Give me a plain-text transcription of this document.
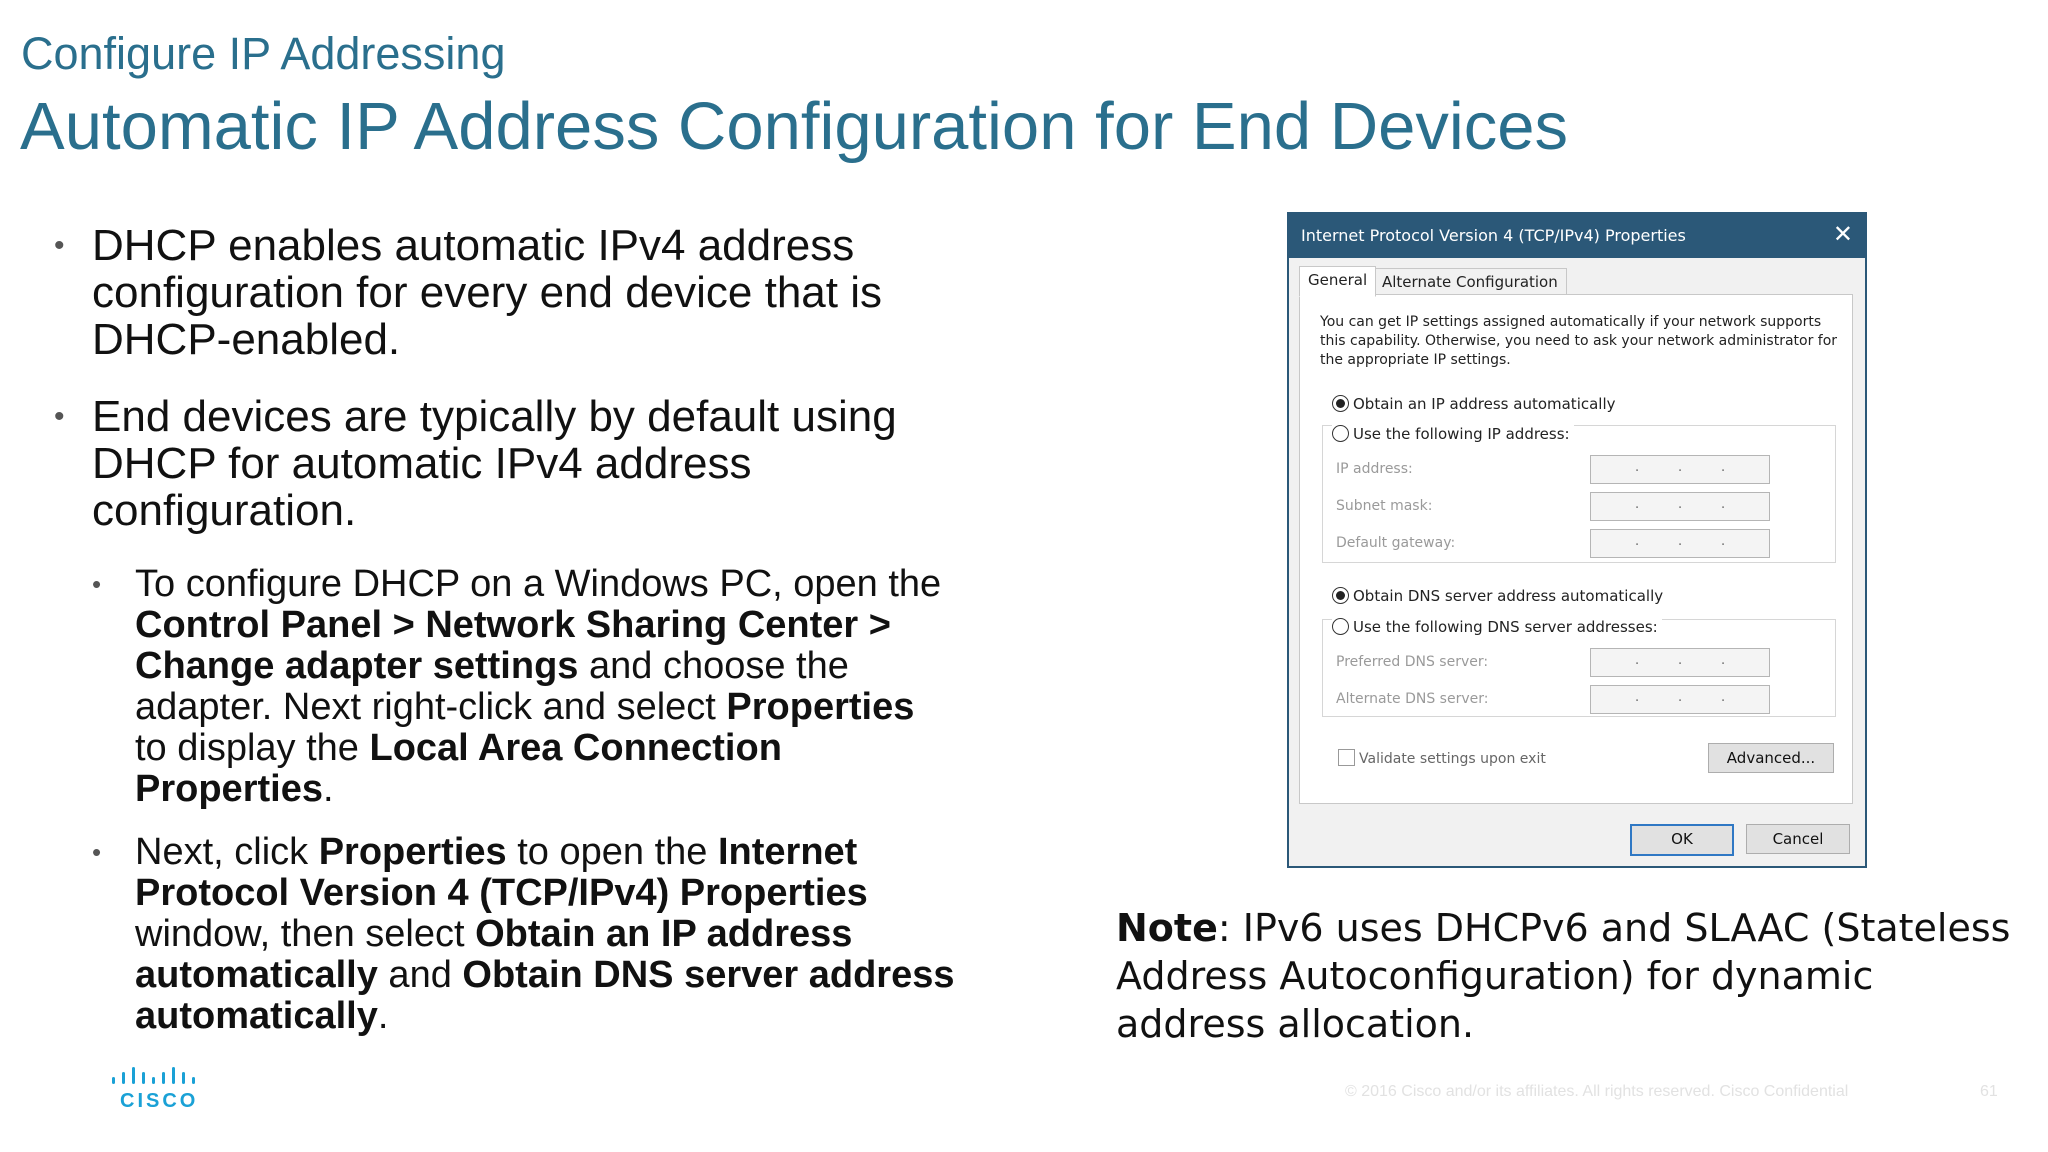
Configure IP Addressing
Automatic IP Address Configuration for End Devices
• DHCP enables automatic IPv4 address configuration for every end device that is DHCP-enabled.
• End devices are typically by default using DHCP for automatic IPv4 address configuration.
• To configure DHCP on a Windows PC, open the Control Panel > Network Sharing Center > Change adapter settings and choose the adapter. Next right-click and select Properties to display the Local Area Connection Properties.
• Next, click Properties to open the Internet Protocol Version 4 (TCP/IPv4) Properties window, then select Obtain an IP address automatically and Obtain DNS server address automatically.
Internet Protocol Version 4 (TCP/IPv4) Properties	✕
General Alternate Configuration
You can get IP settings assigned automatically if your network supports this capability. Otherwise, you need to ask your network administrator for the appropriate IP settings.
Obtain an IP address automatically
Use the following IP address:
IP address:	.	.	.
Subnet mask:	.	.	.
Default gateway:	.	.	.
Obtain DNS server address automatically
Use the following DNS server addresses:
Preferred DNS server:	.	.	.
Alternate DNS server:	.	.	.
Validate settings upon exit	Advanced...
OK	Cancel
Note: IPv6 uses DHCPv6 and SLAAC (Stateless Address Autoconfiguration) for dynamic address allocation.
CISCO	© 2016 Cisco and/or its affiliates. All rights reserved. Cisco Confidential	61
